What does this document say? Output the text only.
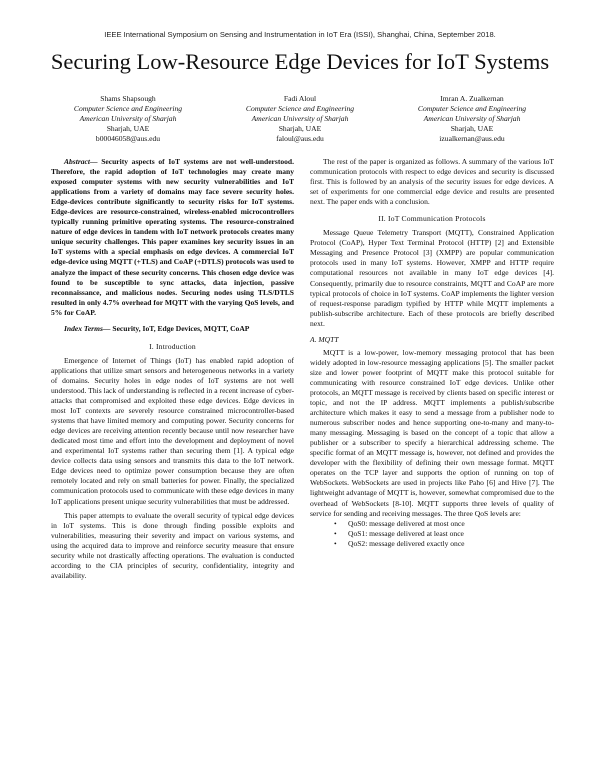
IEEE International Symposium on Sensing and Instrumentation in IoT Era (ISSI), Shanghai, China, September 2018.
Securing Low-Resource Edge Devices for IoT Systems
Shams Shapsough
Computer Science and Engineering
American University of Sharjah
Sharjah, UAE
b00046058@aus.edu
Fadi Aloul
Computer Science and Engineering
American University of Sharjah
Sharjah, UAE
faloul@aus.edu
Imran A. Zualkernan
Computer Science and Engineering
American University of Sharjah
Sharjah, UAE
izualkernan@aus.edu

Abstract— Security aspects of IoT systems are not well-understood. Therefore, the rapid adoption of IoT technologies may create many exposed computer systems with new security vulnerabilities and IoT applications from a variety of domains may face severe security holes. Edge-devices contribute significantly to security risks for IoT systems. Edge-devices are resource-constrained, wireless-enabled microcontrollers typically running primitive operating systems. The resource-constrained nature of edge devices in tandem with IoT network protocols creates many unique security challenges. This paper examines key security issues in an IoT systems with a special emphasis on edge devices. A commercial IoT edge-device using MQTT (+TLS) and CoAP (+DTLS) protocols was used to analyze the impact of these security concerns. This chosen edge device was found to be susceptible to sync attacks, data injection, passive reconnaissance, and malicious nodes. Securing nodes using TLS/DTLS resulted in only 4.7% overhead for MQTT with the varying QoS levels, and 5% for CoAP.

Index Terms— Security, IoT, Edge Devices, MQTT, CoAP

I. Introduction

Emergence of Internet of Things (IoT) has enabled rapid adoption of applications that utilize smart sensors and heterogeneous networks in a variety of domains. Security holes in edge nodes of IoT systems are not well understood. This lack of understanding is reflected in a recent increase of cyber-attacks that compromised and exploited these edge devices. Edge devices in most IoT contexts are severely resource constrained microcontroller-based systems that have limited memory and computing power. Security concerns for edge devices are receiving attention recently because until now researcher have dedicated most time and effort into the development and deployment of novel and experimental IoT systems rather than securing them [1]. A typical edge device collects data using sensors and transmits this data to the IoT network. Edge devices need to optimize power consumption because they are often remotely located and rely on small batteries for power. Finally, the specialized communication protocols used to communicate with these edge devices in many IoT applications present unique security vulnerabilities that must be addressed.

This paper attempts to evaluate the overall security of typical edge devices in IoT systems. This is done through finding possible exploits and vulnerabilities, measuring their severity and impact on various systems, and using the acquired data to improve and reinforce security measure that ensure security while not drastically affecting operations. The evaluation is conducted according to the CIA principles of security, confidentiality, integrity and availability.

The rest of the paper is organized as follows. A summary of the various IoT communication protocols with respect to edge devices and security is discussed first. This is followed by an analysis of the security issues for edge devices. A set of experiments for one commercial edge device and results are presented next. The paper ends with a conclusion.

II. IoT Communication Protocols

Message Queue Telemetry Transport (MQTT), Constrained Application Protocol (CoAP), Hyper Text Terminal Protocol (HTTP) [2] and Extensible Messaging and Presence Protocol [3] (XMPP) are popular communication protocols used in many IoT systems. However, XMPP and HTTP require computational resources not available in many IoT edge devices [4]. Consequently, primarily due to resource constraints, MQTT and CoAP are more typical protocols of choice in IoT systems. CoAP implements the lighter version of request-response paradigm typified by HTTP while MQTT implements a publish-subscribe architecture. Each of these protocols are briefly described next.

A. MQTT

MQTT is a low-power, low-memory messaging protocol that has been widely adopted in low-resource messaging applications [5]. The smaller packet size and lower power footprint of MQTT make this protocol suitable for communicating with resource constrained IoT edge devices. Unlike other protocols, an MQTT message is received by clients based on specific interest or topic, and not the IP address. MQTT implements a publish/subscribe architecture which makes it easy to send a message from a publisher node to numerous subscriber nodes and hence supporting one-to-many and many-to-many messaging. Messaging is based on the concept of a topic that allow a publisher or a subscriber to specify a hierarchical addressing scheme. The specific format of an MQTT message is, however, not defined and provides the developer with the flexibility of defining their own message format. MQTT operates on the TCP layer and supports the option of running on top of WebSockets. WebSockets are used in projects like Paho [6] and Hive [7]. The lightweight advantage of MQTT is, however, somewhat compromised due to the overhead of WebSockets [8-10]. MQTT supports three levels of quality of service for sending and receiving messages. The three QoS levels are:

• QoS0: message delivered at most once
• QoS1: message delivered at least once
• QoS2: message delivered exactly once
